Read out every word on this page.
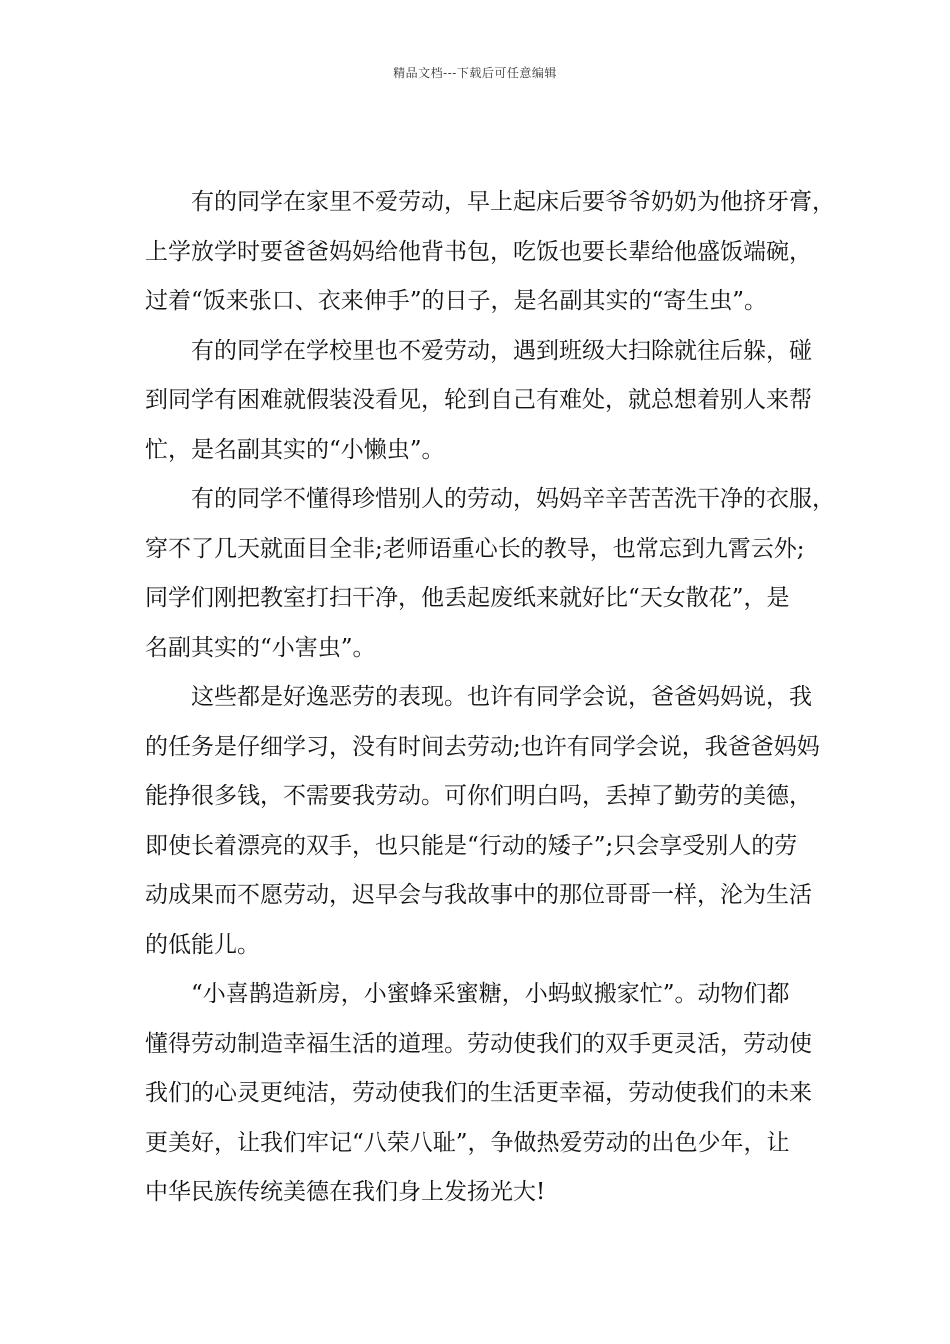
精品文档---下载后可任意编辑

有的同学在家里不爱劳动，早上起床后要爷爷奶奶为他挤牙膏，
上学放学时要爸爸妈妈给他背书包，吃饭也要长辈给他盛饭端碗，
过着“饭来张口、衣来伸手”的日子，是名副其实的“寄生虫”。

有的同学在学校里也不爱劳动，遇到班级大扫除就往后躲，碰
到同学有困难就假装没看见，轮到自己有难处，就总想着别人来帮
忙，是名副其实的“小懒虫”。

有的同学不懂得珍惜别人的劳动，妈妈辛辛苦苦洗干净的衣服，
穿不了几天就面目全非;老师语重心长的教导，也常忘到九霄云外;
同学们刚把教室打扫干净，他丢起废纸来就好比“天女散花”，是
名副其实的“小害虫”。

这些都是好逸恶劳的表现。也许有同学会说，爸爸妈妈说，我
的任务是仔细学习，没有时间去劳动;也许有同学会说，我爸爸妈妈
能挣很多钱，不需要我劳动。可你们明白吗，丢掉了勤劳的美德，
即使长着漂亮的双手，也只能是“行动的矮子”;只会享受别人的劳
动成果而不愿劳动，迟早会与我故事中的那位哥哥一样，沦为生活
的低能儿。

“小喜鹊造新房，小蜜蜂采蜜糖，小蚂蚁搬家忙”。动物们都
懂得劳动制造幸福生活的道理。劳动使我们的双手更灵活，劳动使
我们的心灵更纯洁，劳动使我们的生活更幸福，劳动使我们的未来
更美好，让我们牢记“八荣八耻”，争做热爱劳动的出色少年，让
中华民族传统美德在我们身上发扬光大!
